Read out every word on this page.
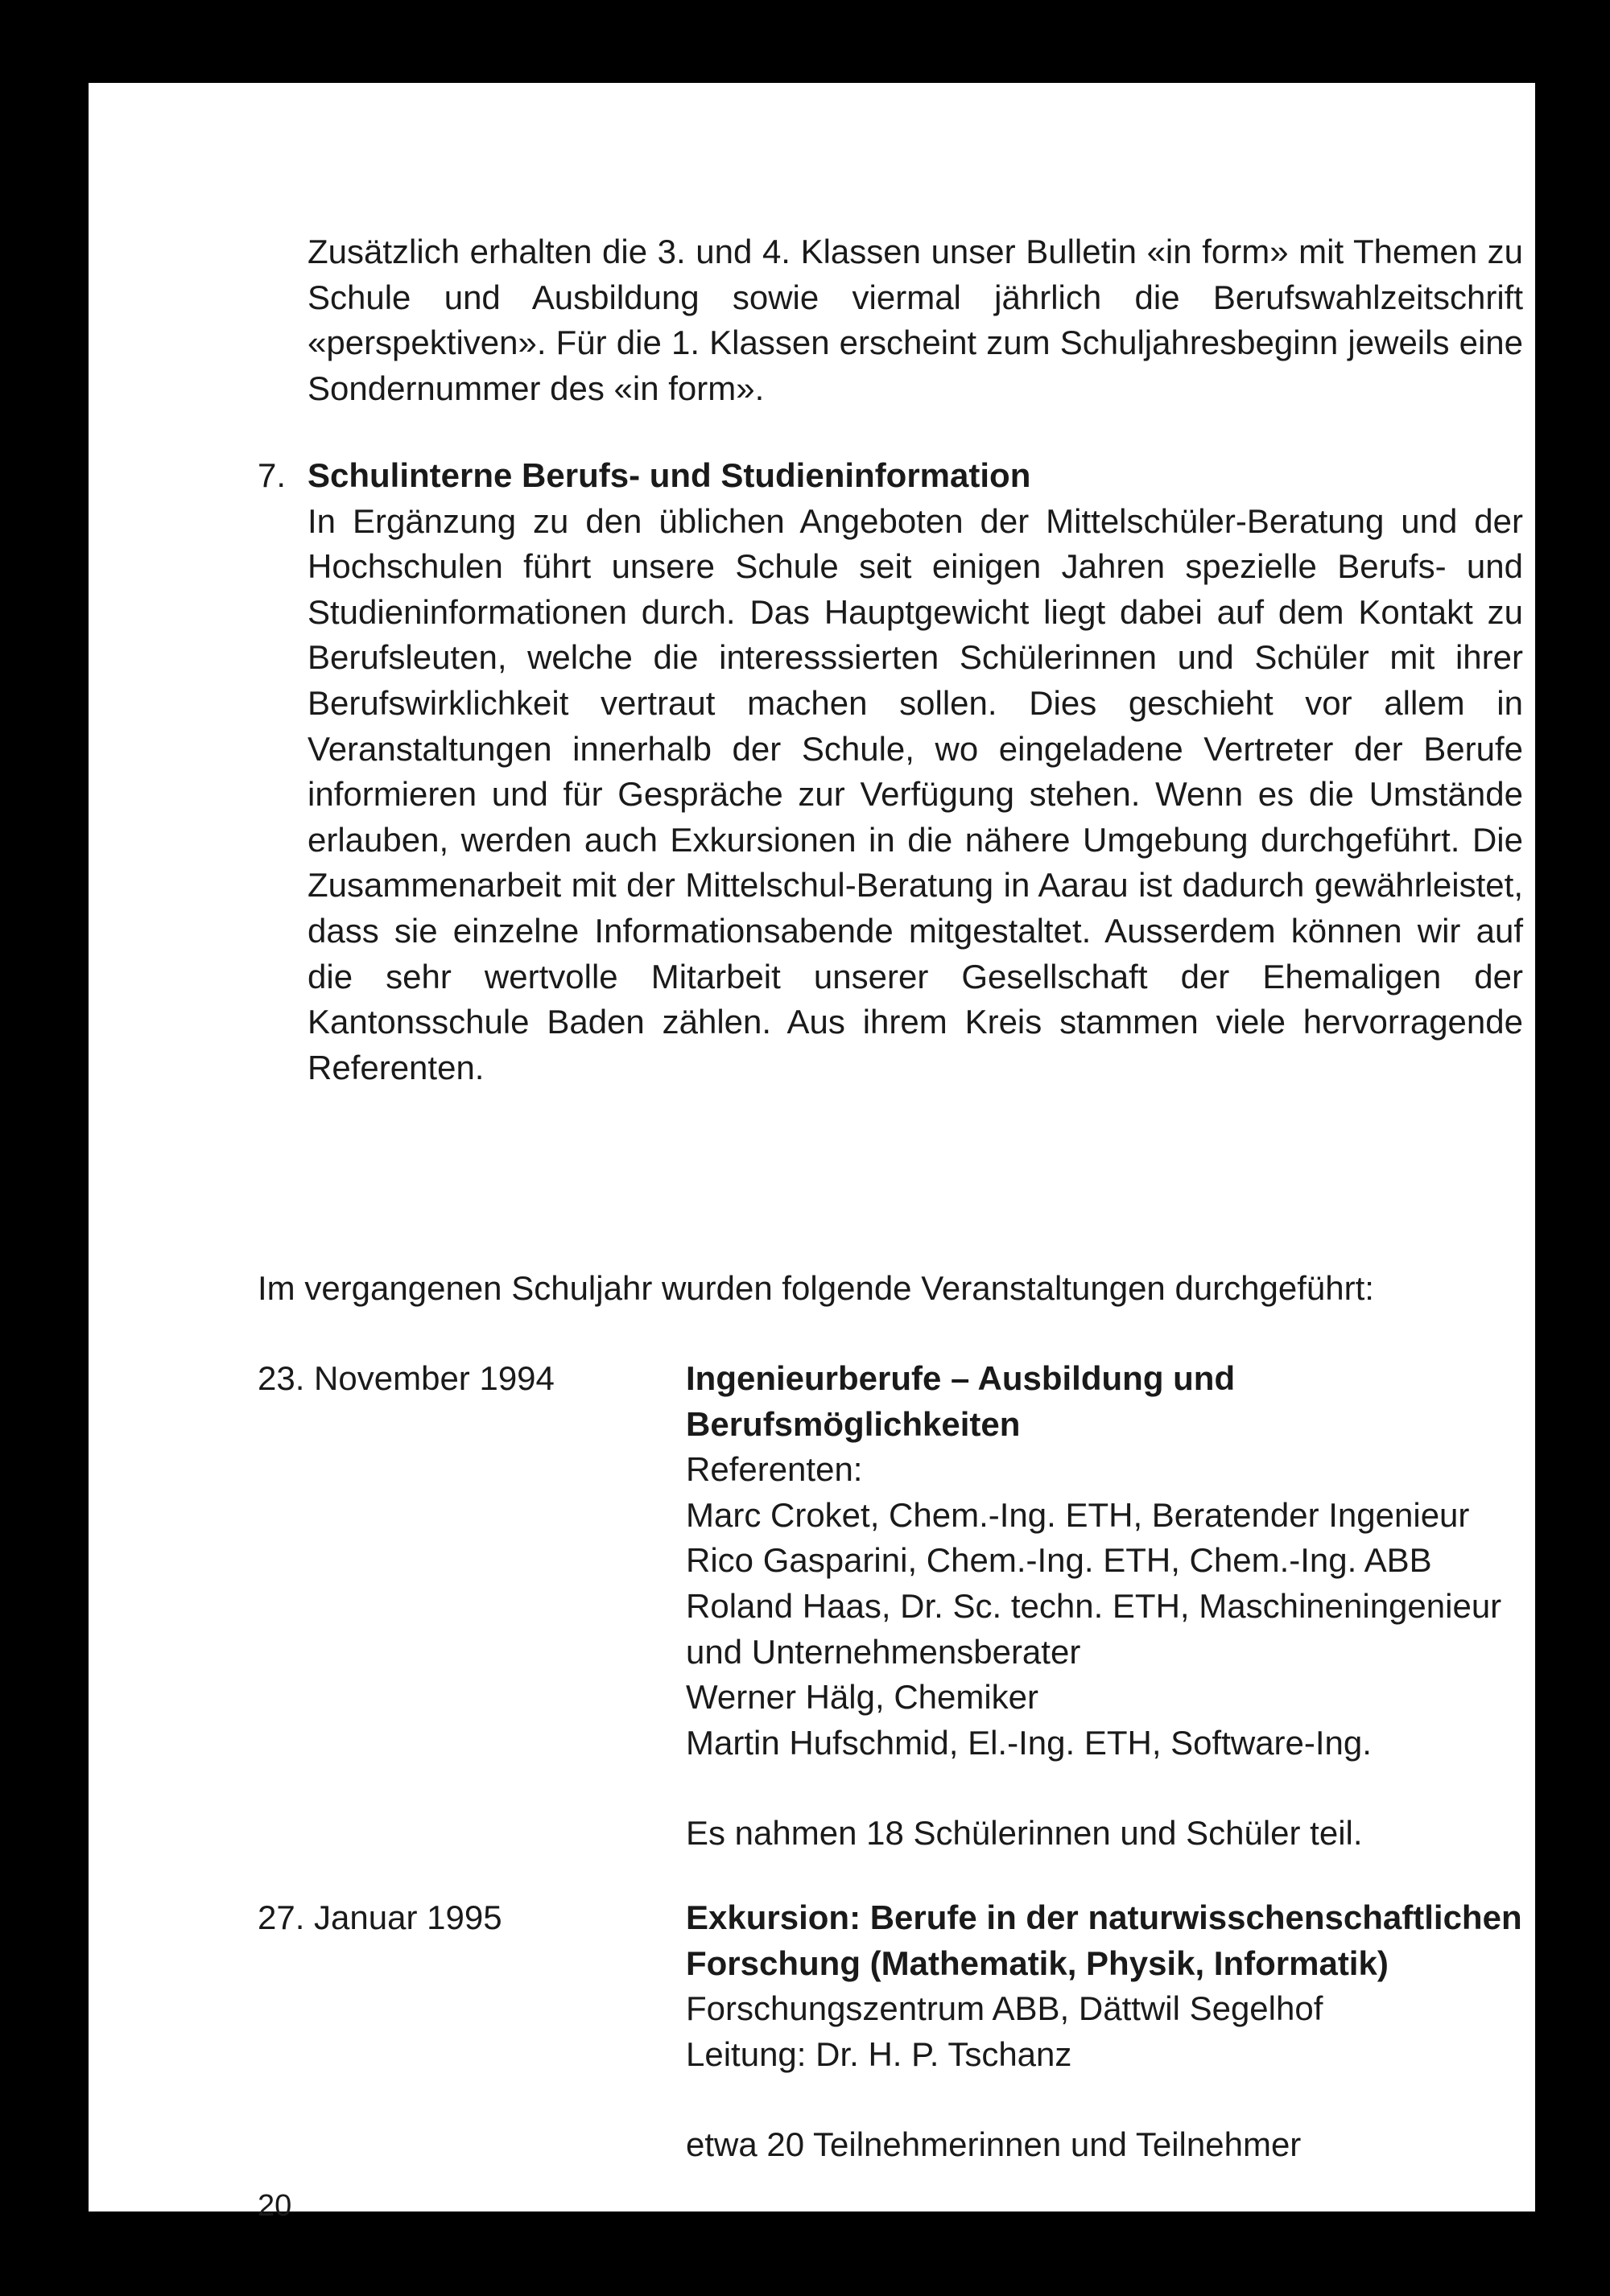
Zusätzlich erhalten die 3. und 4. Klassen unser Bulletin «in form» mit Themen zu Schule und Ausbildung sowie viermal jährlich die Berufswahlzeitschrift «perspektiven». Für die 1. Klassen erscheint zum Schuljahresbeginn jeweils eine Sondernummer des «in form».
7. Schulinterne Berufs- und Studieninformation
In Ergänzung zu den üblichen Angeboten der Mittelschüler-Beratung und der Hochschulen führt unsere Schule seit einigen Jahren spezielle Berufs- und Studieninformationen durch. Das Hauptgewicht liegt dabei auf dem Kontakt zu Berufsleuten, welche die interesssierten Schülerinnen und Schüler mit ihrer Berufswirklichkeit vertraut machen sollen. Dies geschieht vor allem in Veranstaltungen innerhalb der Schule, wo eingeladene Vertreter der Berufe informieren und für Gespräche zur Verfügung stehen. Wenn es die Umstände erlauben, werden auch Exkursionen in die nähere Umgebung durchgeführt. Die Zusammenarbeit mit der Mittelschul-Beratung in Aarau ist dadurch gewährleistet, dass sie einzelne Informationsabende mitgestaltet. Ausserdem können wir auf die sehr wertvolle Mitarbeit unserer Gesellschaft der Ehemaligen der Kantonsschule Baden zählen. Aus ihrem Kreis stammen viele hervorragende Referenten.
Im vergangenen Schuljahr wurden folgende Veranstaltungen durchgeführt:
23. November 1994	Ingenieurberufe – Ausbildung und Berufsmöglichkeiten
Referenten:
Marc Croket, Chem.-Ing. ETH, Beratender Ingenieur
Rico Gasparini, Chem.-Ing. ETH, Chem.-Ing. ABB
Roland Haas, Dr. Sc. techn. ETH, Maschineningenieur und Unternehmensberater
Werner Hälg, Chemiker
Martin Hufschmid, El.-Ing. ETH, Software-Ing.
Es nahmen 18 Schülerinnen und Schüler teil.
27. Januar 1995	Exkursion: Berufe in der naturwisschenschaftlichen Forschung (Mathematik, Physik, Informatik) Forschungszentrum ABB, Dättwil Segelhof
Leitung: Dr. H. P. Tschanz
etwa 20 Teilnehmerinnen und Teilnehmer
20
